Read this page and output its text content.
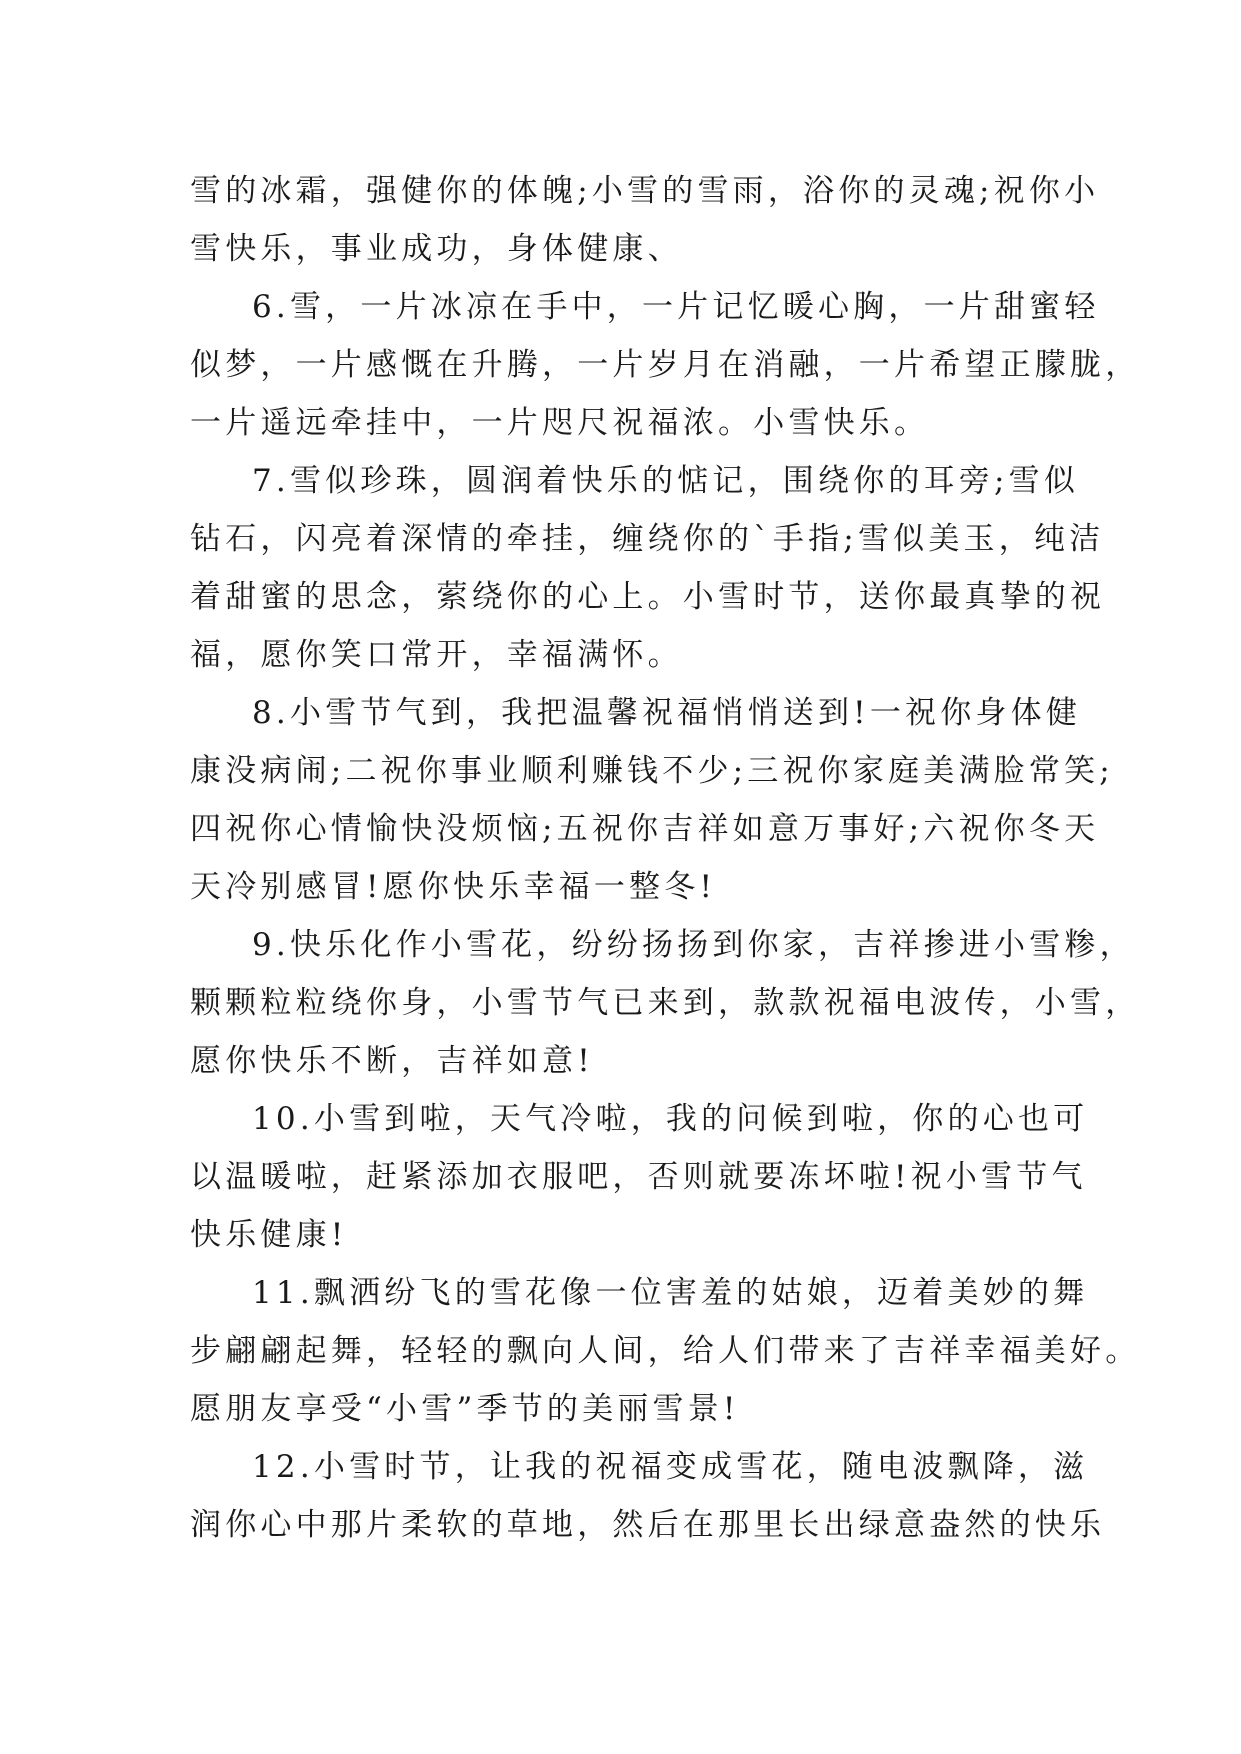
雪的冰霜，强健你的体魄;小雪的雪雨，浴你的灵魂;祝你小
雪快乐，事业成功，身体健康、
6.雪，一片冰凉在手中，一片记忆暖心胸，一片甜蜜轻
似梦，一片感慨在升腾，一片岁月在消融，一片希望正朦胧，
一片遥远牵挂中，一片咫尺祝福浓。小雪快乐。
7.雪似珍珠，圆润着快乐的惦记，围绕你的耳旁;雪似
钻石，闪亮着深情的牵挂，缠绕你的`手指;雪似美玉，纯洁
着甜蜜的思念，萦绕你的心上。小雪时节，送你最真挚的祝
福，愿你笑口常开，幸福满怀。
8.小雪节气到，我把温馨祝福悄悄送到!一祝你身体健
康没病闹;二祝你事业顺利赚钱不少;三祝你家庭美满脸常笑;
四祝你心情愉快没烦恼;五祝你吉祥如意万事好;六祝你冬天
天冷别感冒!愿你快乐幸福一整冬!
9.快乐化作小雪花，纷纷扬扬到你家，吉祥掺进小雪糁，
颗颗粒粒绕你身，小雪节气已来到，款款祝福电波传，小雪，
愿你快乐不断，吉祥如意!
10.小雪到啦，天气冷啦，我的问候到啦，你的心也可
以温暖啦，赶紧添加衣服吧，否则就要冻坏啦!祝小雪节气
快乐健康!
11.飘洒纷飞的雪花像一位害羞的姑娘，迈着美妙的舞
步翩翩起舞，轻轻的飘向人间，给人们带来了吉祥幸福美好。
愿朋友享受“小雪”季节的美丽雪景!
12.小雪时节，让我的祝福变成雪花，随电波飘降，滋
润你心中那片柔软的草地，然后在那里长出绿意盎然的快乐
